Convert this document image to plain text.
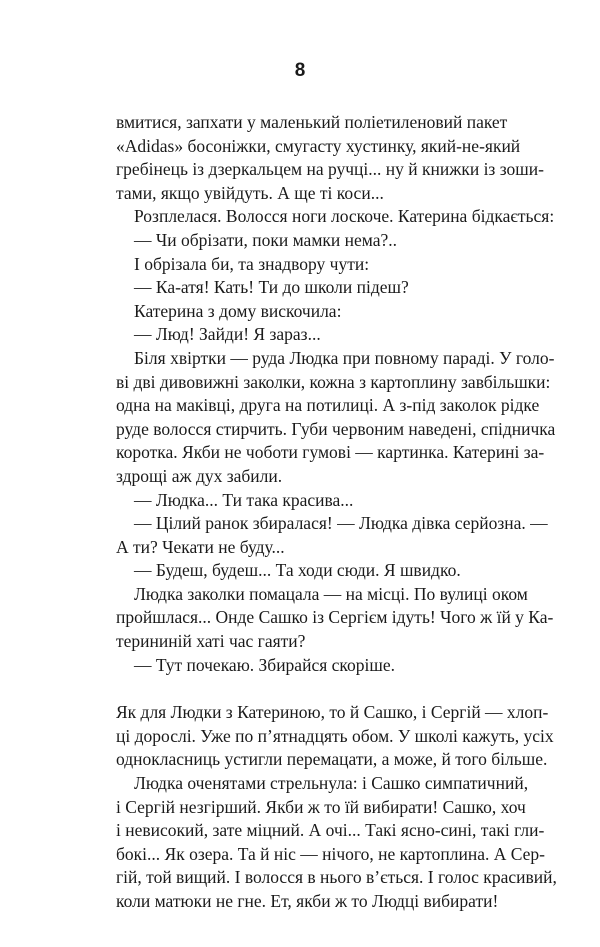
8

вмитися, запхати у маленький поліетиленовий пакет
«Adidas» босоніжки, смугасту хустинку, який-не-який
гребінець із дзеркальцем на ручці... ну й книжки із зоши-
тами, якщо увійдуть. А ще ті коси...

Розплелася. Волосся ноги лоскоче. Катерина бідкається:

— Чи обрізати, поки мамки нема?..

І обрізала би, та знадвору чути:

— Ка-атя! Кать! Ти до школи підеш?

Катерина з дому вискочила:

— Люд! Зайди! Я зараз...

Біля хвіртки — руда Людка при повному параді. У голо-
ві дві дивовижні заколки, кожна з картоплину завбільшки:
одна на маківці, друга на потилиці. А з-під заколок рідке
руде волосся стирчить. Губи червоним наведені, спідничка
коротка. Якби не чоботи гумові — картинка. Катерині за-
здрощі аж дух забили.

— Людка... Ти така красива...

— Цілий ранок збиралася! — Людка дівка серйозна. —
А ти? Чекати не буду...

— Будеш, будеш... Та ходи сюди. Я швидко.

Людка заколки помацала — на місці. По вулиці оком
пройшлася... Онде Сашко із Сергієм ідуть! Чого ж їй у Ка-
терининій хаті час гаяти?

— Тут почекаю. Збирайся скоріше.

Як для Людки з Катериною, то й Сашко, і Сергій — хлоп-
ці дорослі. Уже по п’ятнадцять обом. У школі кажуть, усіх
однокласниць устигли перемацати, а може, й того більше.

Людка оченятами стрельнула: і Сашко симпатичний,
і Сергій незгірший. Якби ж то їй вибирати! Сашко, хоч
і невисокий, зате міцний. А очі... Такі ясно-сині, такі гли-
бокі... Як озера. Та й ніс — нічого, не картоплина. А Сер-
гій, той вищий. І волосся в нього в’ється. І голос красивий,
коли матюки не гне. Ет, якби ж то Людці вибирати!
